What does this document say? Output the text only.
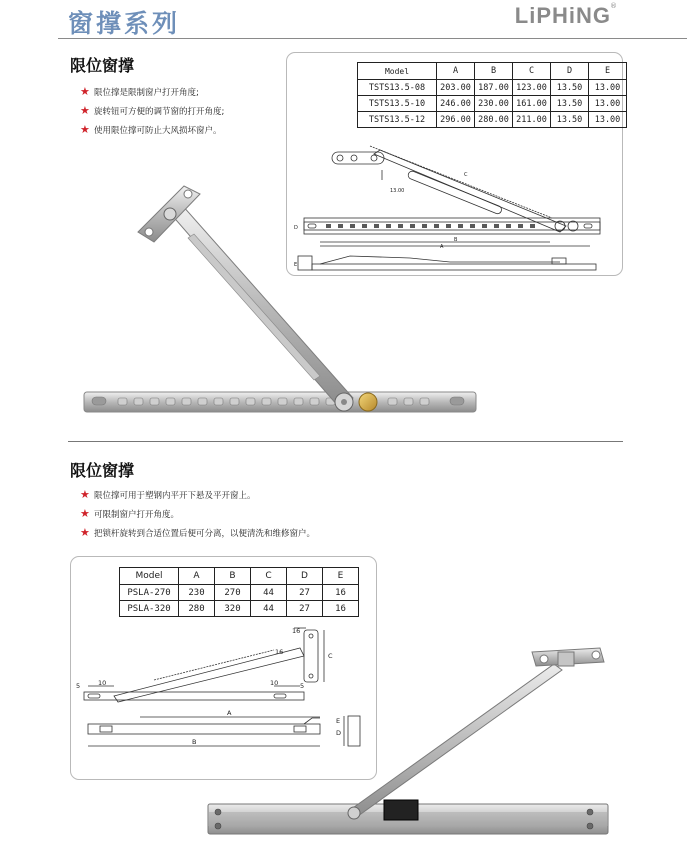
窗撑系列	LiPHiNG ®
限位窗撑
★ 限位撑是限制窗户打开角度;
★ 旋转钮可方便的调节窗的打开角度;
★ 使用限位撑可防止大风损坏窗户。
Model	A	B	C	D	E
TSTS13.5-08	203.00	187.00	123.00	13.50	13.00
TSTS13.5-10	246.00	230.00	161.00	13.50	13.00
TSTS13.5-12	296.00	280.00	211.00	13.50	13.00
C
13.00
A
B
D
E
限位窗撑
★ 限位撑可用于塑钢内平开下悬及平开窗上。
★ 可限制窗户打开角度。
★ 把锁杆旋转到合适位置后便可分离，以便清洗和维修窗户。
Model	A	B	C	D	E
PSLA-270	230	270	44	27	16
PSLA-320	280	320	44	27	16
16
16	C
5	10	10	5
A
B
E
D
